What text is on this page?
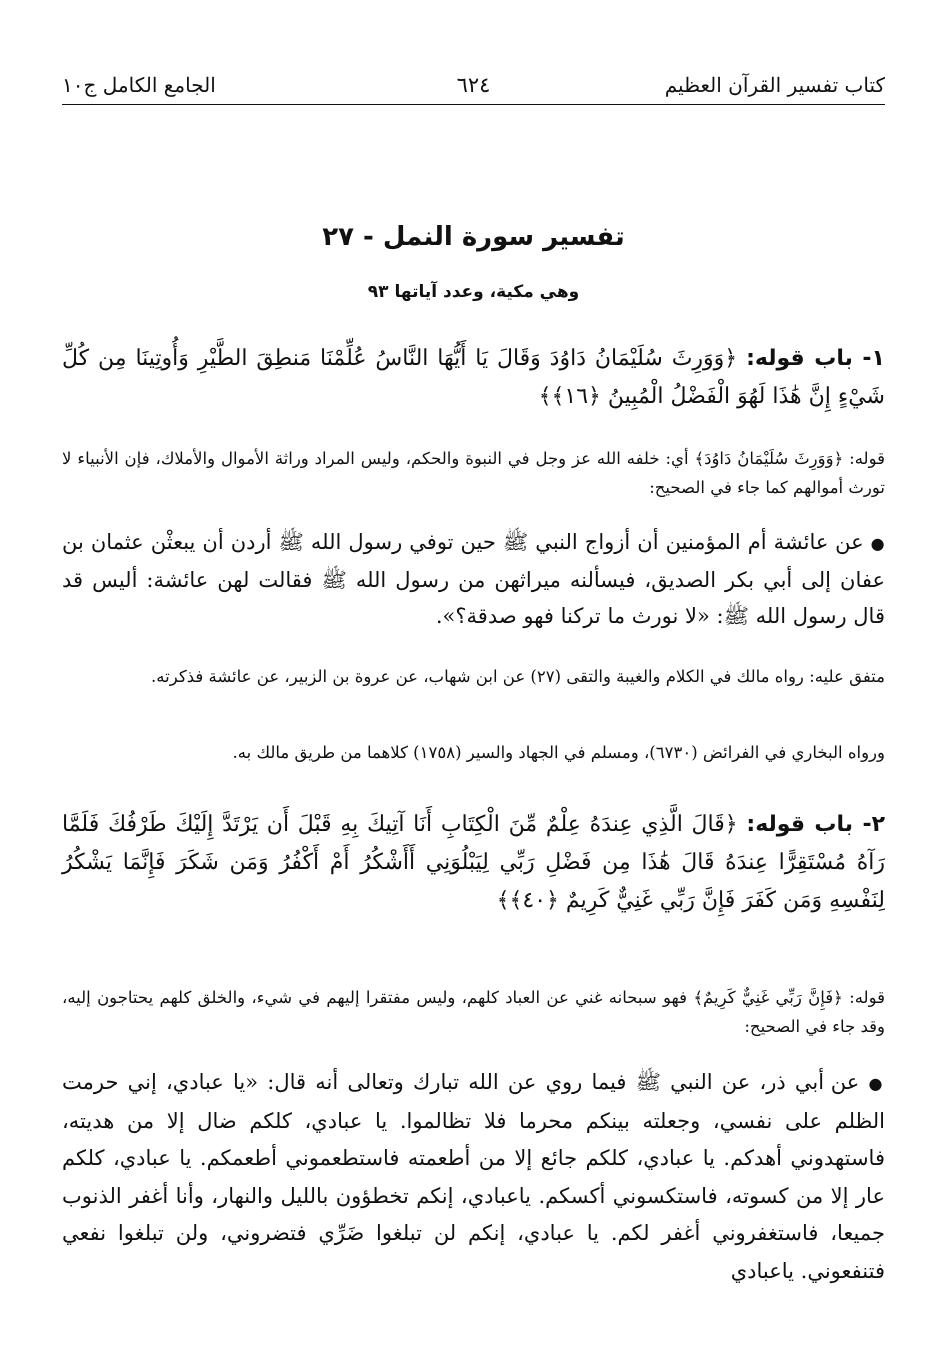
كتاب تفسير القرآن العظيم
٦٢٤
الجامع الكامل ج١٠
تفسير سورة النمل - ٢٧
وهي مكية، وعدد آياتها ٩٣
١- باب قوله: ﴿وَوَرِثَ سُلَيْمَانُ دَاوُدَ وَقَالَ يَا أَيُّهَا النَّاسُ عُلِّمْنَا مَنطِقَ الطَّيْرِ وَأُوتِينَا مِن كُلِّ شَيْءٍ إِنَّ هَٰذَا لَهُوَ الْفَضْلُ الْمُبِينُ ﴿١٦﴾﴾
قوله: ﴿وَوَرِثَ سُلَيْمَانُ دَاوُدَ﴾ أي: خلفه الله عز وجل في النبوة والحكم، وليس المراد وراثة الأموال والأملاك، فإن الأنبياء لا تورث أموالهم كما جاء في الصحيح:
● عن عائشة أم المؤمنين أن أزواج النبي ﷺ حين توفي رسول الله ﷺ أردن أن يبعثْن عثمان بن عفان إلى أبي بكر الصديق، فيسألنه ميراثهن من رسول الله ﷺ فقالت لهن عائشة: أليس قد قال رسول الله ﷺ: «لا نورث ما تركنا فهو صدقة؟».
متفق عليه: رواه مالك في الكلام والغيبة والتقى (٢٧) عن ابن شهاب، عن عروة بن الزبير، عن عائشة فذكرته.
ورواه البخاري في الفرائض (٦٧٣٠)، ومسلم في الجهاد والسير (١٧٥٨) كلاهما من طريق مالك به.
٢- باب قوله: ﴿قَالَ الَّذِي عِندَهُ عِلْمٌ مِّنَ الْكِتَابِ أَنَا آتِيكَ بِهِ قَبْلَ أَن يَرْتَدَّ إِلَيْكَ طَرْفُكَ فَلَمَّا رَآهُ مُسْتَقِرًّا عِندَهُ قَالَ هَٰذَا مِن فَضْلِ رَبِّي لِيَبْلُوَنِي أَأَشْكُرُ أَمْ أَكْفُرُ وَمَن شَكَرَ فَإِنَّمَا يَشْكُرُ لِنَفْسِهِ وَمَن كَفَرَ فَإِنَّ رَبِّي غَنِيٌّ كَرِيمٌ ﴿٤٠﴾﴾
قوله: ﴿فَإِنَّ رَبِّي غَنِيٌّ كَرِيمٌ﴾ فهو سبحانه غني عن العباد كلهم، وليس مفتقرا إليهم في شيء، والخلق كلهم يحتاجون إليه، وقد جاء في الصحيح:
● عن أبي ذر، عن النبي ﷺ فيما روي عن الله تبارك وتعالى أنه قال: «يا عبادي، إني حرمت الظلم على نفسي، وجعلته بينكم محرما فلا تظالموا. يا عبادي، كلكم ضال إلا من هديته، فاستهدوني أهدكم. يا عبادي، كلكم جائع إلا من أطعمته فاستطعموني أطعمكم. يا عبادي، كلكم عار إلا من كسوته، فاستكسوني أكسكم. ياعبادي، إنكم تخطؤون بالليل والنهار، وأنا أغفر الذنوب جميعا، فاستغفروني أغفر لكم. يا عبادي، إنكم لن تبلغوا ضَرِّي فتضروني، ولن تبلغوا نفعي فتنفعوني. ياعبادي
